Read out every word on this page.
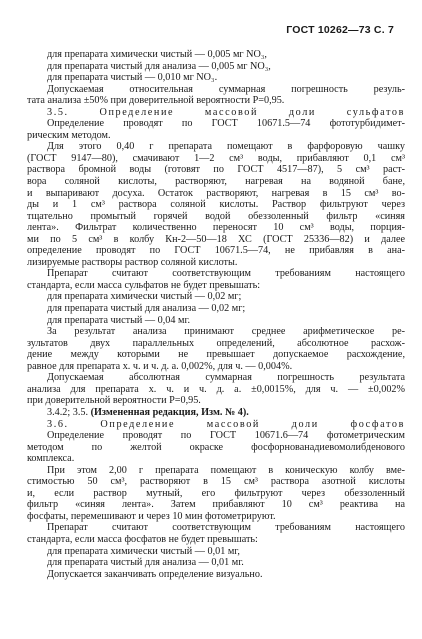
ГОСТ 10262—73 С. 7
для препарата химически чистый — 0,005 мг NO₃,
для препарата чистый для анализа — 0,005 мг NO₃,
для препарата чистый — 0,010 мг NO₃.
Допускаемая относительная суммарная погрешность резуль-
тата анализа ±50% при доверительной вероятности P=0,95.
3.5. Определение массовой доли сульфатов
Определение проводят по ГОСТ 10671.5—74 фототурбидимет-
рическим методом.
Для этого 0,40 г препарата помещают в фарфоровую чашку
(ГОСТ 9147—80), смачивают 1—2 см³ воды, прибавляют 0,1 см³
раствора бромной воды (готовят по ГОСТ 4517—87), 5 см³ раст-
вора соляной кислоты, растворяют, нагревая на водяной бане,
и выпаривают досуха. Остаток растворяют, нагревая в 15 см³ во-
ды и 1 см³ раствора соляной кислоты. Раствор фильтруют через
тщательно промытый горячей водой обеззоленный фильтр «синяя
лента». Фильтрат количественно переносят 10 см³ воды, порция-
ми по 5 см³ в колбу Кн-2—50—18 ХС (ГОСТ 25336—82) и далее
определение проводят по ГОСТ 10671.5—74, не прибавляя в ана-
лизируемые растворы раствор соляной кислоты.
Препарат считают соответствующим требованиям настоящего
стандарта, если масса сульфатов не будет превышать:
для препарата химически чистый — 0,02 мг;
для препарата чистый для анализа — 0,02 мг;
для препарата чистый — 0,04 мг.
За результат анализа принимают среднее арифметическое ре-
зультатов двух параллельных определений, абсолютное расхож-
дение между которыми не превышает допускаемое расхождение,
равное для препарата х. ч. и ч. д. а. 0,002%, для ч. — 0,004%.
Допускаемая абсолютная суммарная погрешность результата
анализа для препарата х. ч. и ч. д. а. ±0,0015%, для ч. — ±0,002%
при доверительной вероятности P=0,95.
3.4.2; 3.5. (Измененная редакция, Изм. № 4).
3.6. Определение массовой доли фосфатов
Определение проводят по ГОСТ 10671.6—74 фотометрическим
методом по желтой окраске фосфорнованадиевомолибденового
комплекса.
При этом 2,00 г препарата помещают в коническую колбу вме-
стимостью 50 см³, растворяют в 15 см³ раствора азотной кислоты
и, если раствор мутный, его фильтруют через обеззоленный
фильтр «синяя лента». Затем прибавляют 10 см³ реактива на
фосфаты, перемешивают и через 10 мин фотометрируют.
Препарат считают соответствующим требованиям настоящего
стандарта, если масса фосфатов не будет превышать:
для препарата химически чистый — 0,01 мг,
для препарата чистый для анализа — 0,01 мг.
Допускается заканчивать определение визуально.
